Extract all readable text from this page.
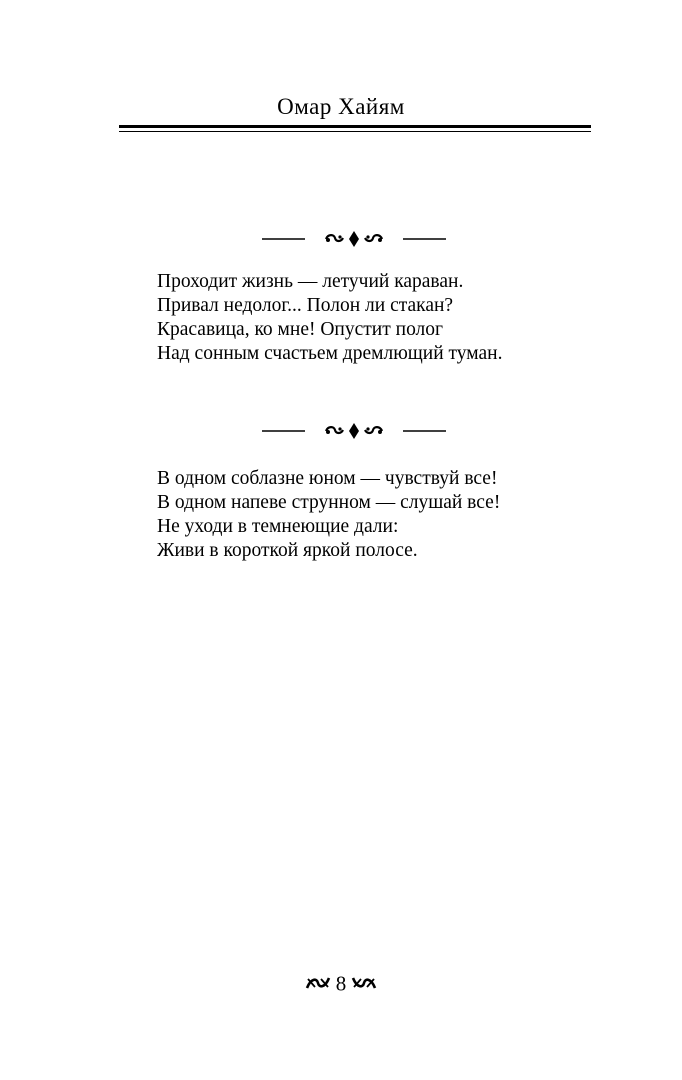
Омар Хайям
Проходит жизнь — летучий караван.
Привал недолог... Полон ли стакан?
Красавица, ко мне! Опустит полог
Над сонным счастьем дремлющий туман.
В одном соблазне юном — чувствуй все!
В одном напеве струнном — слушай все!
Не уходи в темнеющие дали:
Живи в короткой яркой полосе.
8
